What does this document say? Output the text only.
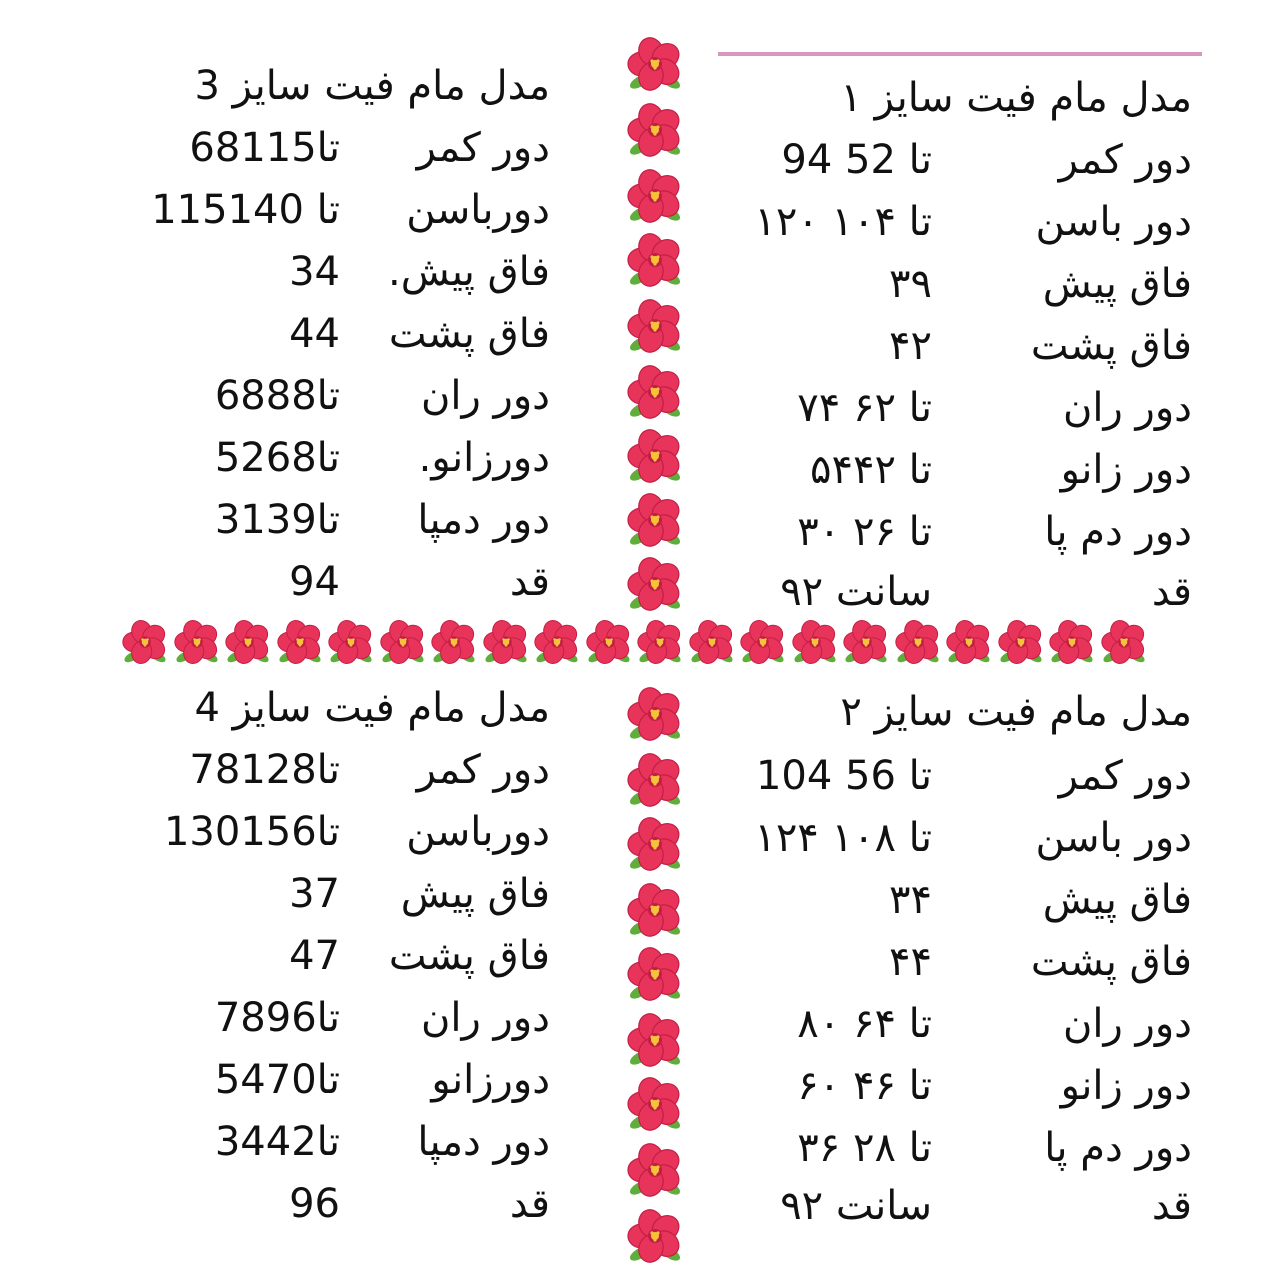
مدل مام فیت سایز ۱
دور کمر
94 تا 52
دور باسن
۱۲۰ تا ۱۰۴
فاق پیش
۳۹
فاق پشت
۴۲
دور ران
۷۴ تا ۶۲
دور زانو
۵۴تا ۴۲
دور دم پا
۳۰ تا ۲۶
قد
۹۲ سانت
مدل مام فیت سایز 3
دور کمر
68تا115
دورباسن
115تا 140
فاق پیش.
34
فاق پشت
44
دور ران
68تا88
دورزانو.
52تا68
دور دمپا
31تا39
قد
94
مدل مام فیت سایز ۲
دور کمر
104 تا 56
دور باسن
۱۲۴ تا ۱۰۸
فاق پیش
۳۴
فاق پشت
۴۴
دور ران
۸۰ تا ۶۴
دور زانو
۶۰ تا ۴۶
دور دم پا
۳۶ تا ۲۸
قد
۹۲ سانت
مدل مام فیت سایز 4
دور کمر
78تا128
دورباسن
130تا156
فاق پیش
37
فاق پشت
47
دور ران
78تا96
دورزانو
54تا70
دور دمپا
34تا42
قد
96
